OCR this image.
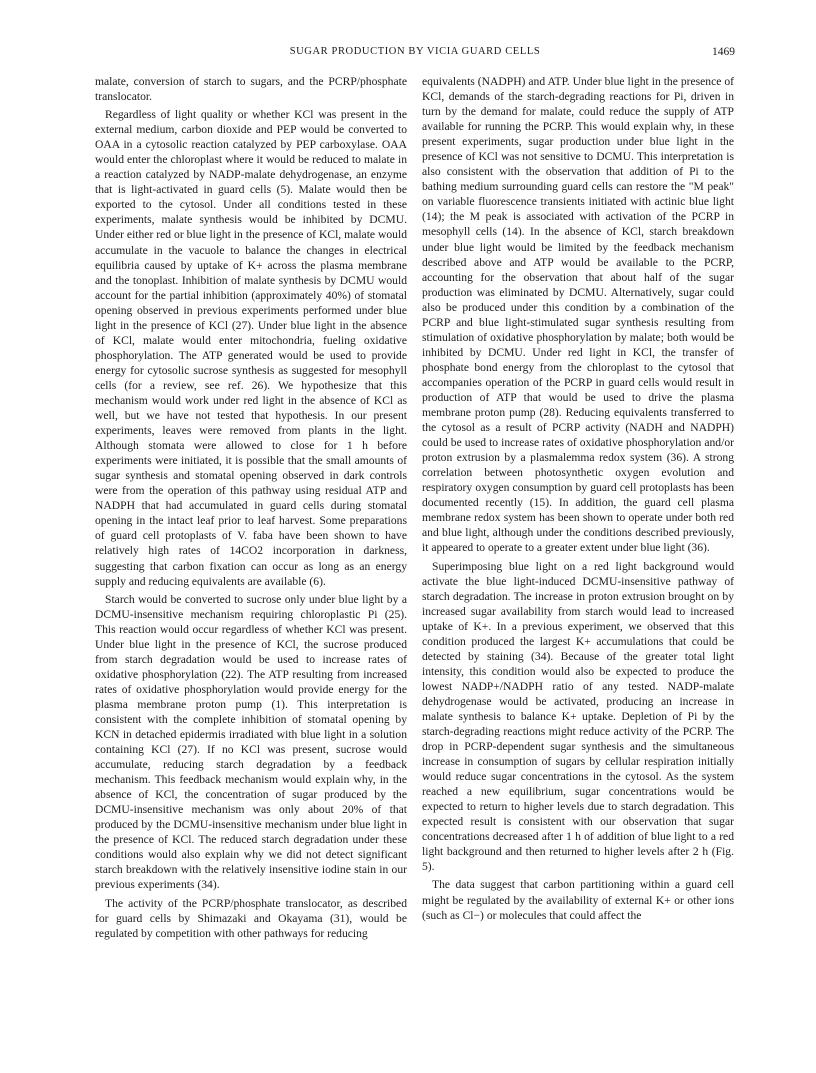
SUGAR PRODUCTION BY VICIA GUARD CELLS	1469

malate, conversion of starch to sugars, and the PCRP/phosphate translocator.

Regardless of light quality or whether KCl was present in the external medium, carbon dioxide and PEP would be converted to OAA in a cytosolic reaction catalyzed by PEP carboxylase. OAA would enter the chloroplast where it would be reduced to malate in a reaction catalyzed by NADP-malate dehydrogenase, an enzyme that is light-activated in guard cells (5). Malate would then be exported to the cytosol. Under all conditions tested in these experiments, malate synthesis would be inhibited by DCMU. Under either red or blue light in the presence of KCl, malate would accumulate in the vacuole to balance the changes in electrical equilibria caused by uptake of K+ across the plasma membrane and the tonoplast. Inhibition of malate synthesis by DCMU would account for the partial inhibition (approximately 40%) of stomatal opening observed in previous experiments performed under blue light in the presence of KCl (27). Under blue light in the absence of KCl, malate would enter mitochondria, fueling oxidative phosphorylation. The ATP generated would be used to provide energy for cytosolic sucrose synthesis as suggested for mesophyll cells (for a review, see ref. 26). We hypothesize that this mechanism would work under red light in the absence of KCl as well, but we have not tested that hypothesis. In our present experiments, leaves were removed from plants in the light. Although stomata were allowed to close for 1 h before experiments were initiated, it is possible that the small amounts of sugar synthesis and stomatal opening observed in dark controls were from the operation of this pathway using residual ATP and NADPH that had accumulated in guard cells during stomatal opening in the intact leaf prior to leaf harvest. Some preparations of guard cell protoplasts of V. faba have been shown to have relatively high rates of 14CO2 incorporation in darkness, suggesting that carbon fixation can occur as long as an energy supply and reducing equivalents are available (6).

Starch would be converted to sucrose only under blue light by a DCMU-insensitive mechanism requiring chloroplastic Pi (25). This reaction would occur regardless of whether KCl was present. Under blue light in the presence of KCl, the sucrose produced from starch degradation would be used to increase rates of oxidative phosphorylation (22). The ATP resulting from increased rates of oxidative phosphorylation would provide energy for the plasma membrane proton pump (1). This interpretation is consistent with the complete inhibition of stomatal opening by KCN in detached epidermis irradiated with blue light in a solution containing KCl (27). If no KCl was present, sucrose would accumulate, reducing starch degradation by a feedback mechanism. This feedback mechanism would explain why, in the absence of KCl, the concentration of sugar produced by the DCMU-insensitive mechanism was only about 20% of that produced by the DCMU-insensitive mechanism under blue light in the presence of KCl. The reduced starch degradation under these conditions would also explain why we did not detect significant starch breakdown with the relatively insensitive iodine stain in our previous experiments (34).

The activity of the PCRP/phosphate translocator, as described for guard cells by Shimazaki and Okayama (31), would be regulated by competition with other pathways for reducing

equivalents (NADPH) and ATP. Under blue light in the presence of KCl, demands of the starch-degrading reactions for Pi, driven in turn by the demand for malate, could reduce the supply of ATP available for running the PCRP. This would explain why, in these present experiments, sugar production under blue light in the presence of KCl was not sensitive to DCMU. This interpretation is also consistent with the observation that addition of Pi to the bathing medium surrounding guard cells can restore the "M peak" on variable fluorescence transients initiated with actinic blue light (14); the M peak is associated with activation of the PCRP in mesophyll cells (14). In the absence of KCl, starch breakdown under blue light would be limited by the feedback mechanism described above and ATP would be available to the PCRP, accounting for the observation that about half of the sugar production was eliminated by DCMU. Alternatively, sugar could also be produced under this condition by a combination of the PCRP and blue light-stimulated sugar synthesis resulting from stimulation of oxidative phosphorylation by malate; both would be inhibited by DCMU. Under red light in KCl, the transfer of phosphate bond energy from the chloroplast to the cytosol that accompanies operation of the PCRP in guard cells would result in production of ATP that would be used to drive the plasma membrane proton pump (28). Reducing equivalents transferred to the cytosol as a result of PCRP activity (NADH and NADPH) could be used to increase rates of oxidative phosphorylation and/or proton extrusion by a plasmalemma redox system (36). A strong correlation between photosynthetic oxygen evolution and respiratory oxygen consumption by guard cell protoplasts has been documented recently (15). In addition, the guard cell plasma membrane redox system has been shown to operate under both red and blue light, although under the conditions described previously, it appeared to operate to a greater extent under blue light (36).

Superimposing blue light on a red light background would activate the blue light-induced DCMU-insensitive pathway of starch degradation. The increase in proton extrusion brought on by increased sugar availability from starch would lead to increased uptake of K+. In a previous experiment, we observed that this condition produced the largest K+ accumulations that could be detected by staining (34). Because of the greater total light intensity, this condition would also be expected to produce the lowest NADP+/NADPH ratio of any tested. NADP-malate dehydrogenase would be activated, producing an increase in malate synthesis to balance K+ uptake. Depletion of Pi by the starch-degrading reactions might reduce activity of the PCRP. The drop in PCRP-dependent sugar synthesis and the simultaneous increase in consumption of sugars by cellular respiration initially would reduce sugar concentrations in the cytosol. As the system reached a new equilibrium, sugar concentrations would be expected to return to higher levels due to starch degradation. This expected result is consistent with our observation that sugar concentrations decreased after 1 h of addition of blue light to a red light background and then returned to higher levels after 2 h (Fig. 5).

The data suggest that carbon partitioning within a guard cell might be regulated by the availability of external K+ or other ions (such as Cl−) or molecules that could affect the
